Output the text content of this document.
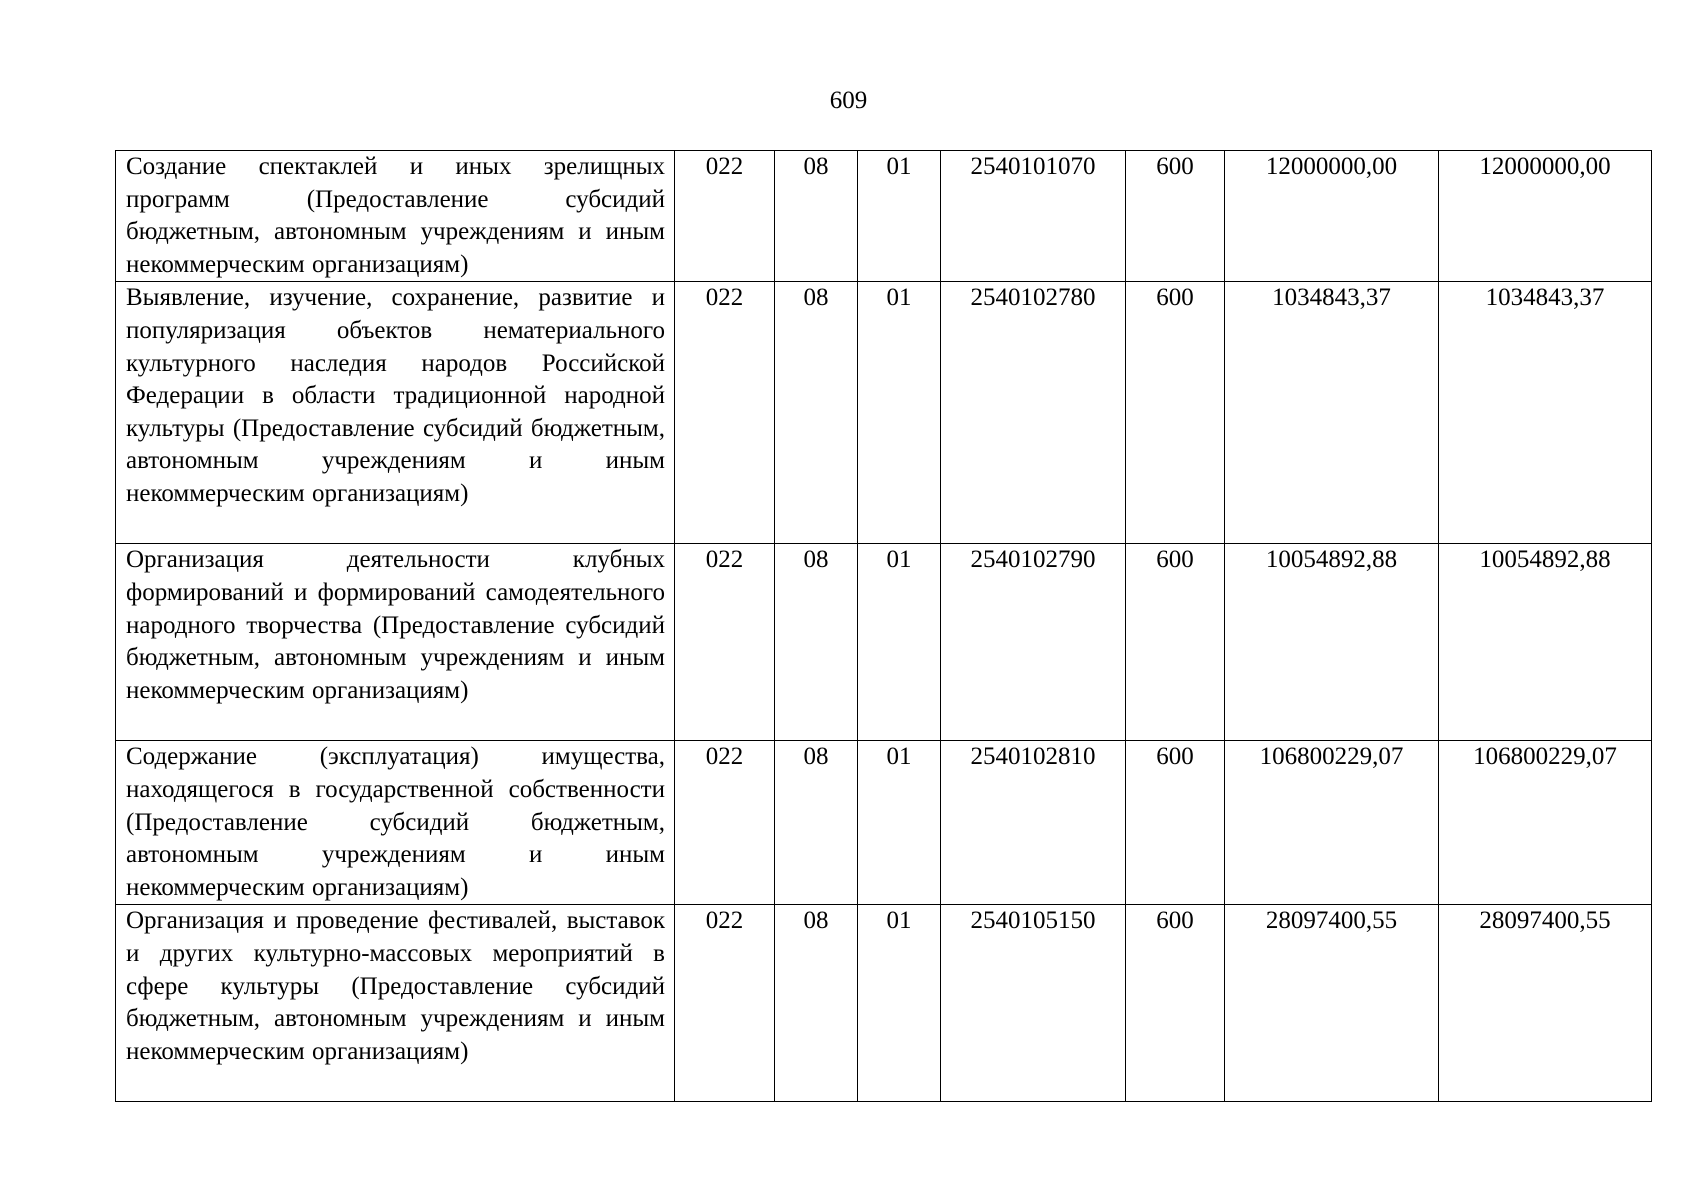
609
Создание спектаклей и иных зрелищных программ (Предоставление субсидий бюджетным, автономным учреждениям и иным некоммерческим организациям)	022	08	01	2540101070	600	12000000,00	12000000,00
Выявление, изучение, сохранение, развитие и популяризация объектов нематериального культурного наследия народов Российской Федерации в области традиционной народной культуры (Предоставление субсидий бюджетным, автономным учреждениям и иным некоммерческим организациям)	022	08	01	2540102780	600	1034843,37	1034843,37
Организация деятельности клубных формирований и формирований самодеятельного народного творчества (Предоставление субсидий бюджетным, автономным учреждениям и иным некоммерческим организациям)	022	08	01	2540102790	600	10054892,88	10054892,88
Содержание (эксплуатация) имущества, находящегося в государственной собственности (Предоставление субсидий бюджетным, автономным учреждениям и иным некоммерческим организациям)	022	08	01	2540102810	600	106800229,07	106800229,07
Организация и проведение фестивалей, выставок и других культурно-массовых мероприятий в сфере культуры (Предоставление субсидий бюджетным, автономным учреждениям и иным некоммерческим организациям)	022	08	01	2540105150	600	28097400,55	28097400,55
